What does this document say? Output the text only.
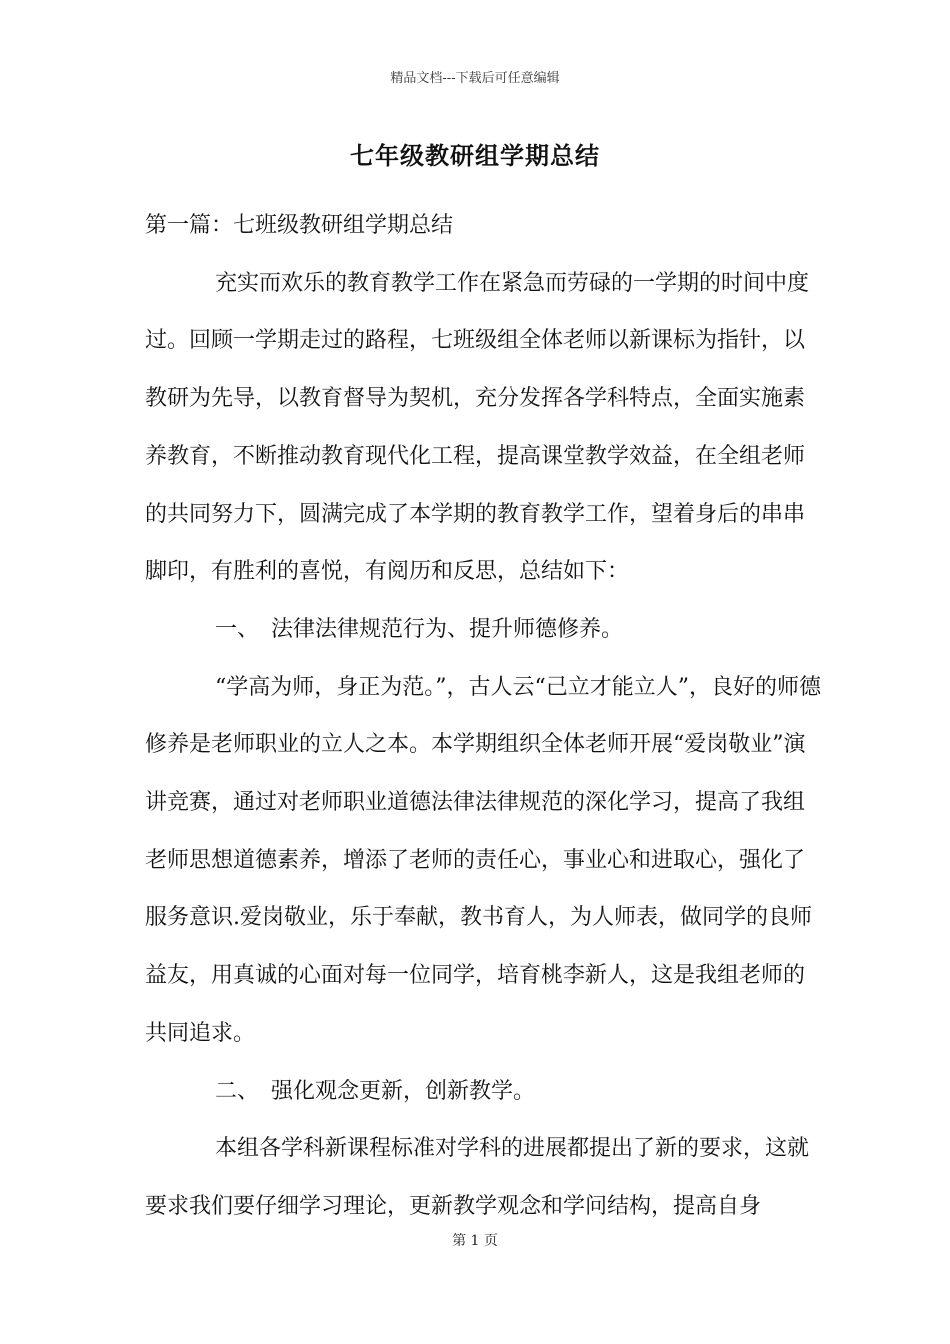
精品文档---下载后可任意编辑
七年级教研组学期总结

第一篇：七班级教研组学期总结

充实而欢乐的教育教学工作在紧急而劳碌的一学期的时间中度过。回顾一学期走过的路程，七班级组全体老师以新课标为指针，以教研为先导，以教育督导为契机，充分发挥各学科特点，全面实施素养教育，不断推动教育现代化工程，提高课堂教学效益，在全组老师的共同努力下，圆满完成了本学期的教育教学工作，望着身后的串串脚印，有胜利的喜悦，有阅历和反思，总结如下：

一、 法律法律规范行为、提升师德修养。

“学高为师，身正为范。”，古人云“己立才能立人”，良好的师德修养是老师职业的立人之本。本学期组织全体老师开展“爱岗敬业”演讲竞赛，通过对老师职业道德法律法律规范的深化学习，提高了我组老师思想道德素养，增添了老师的责任心，事业心和进取心，强化了服务意识.爱岗敬业，乐于奉献，教书育人，为人师表，做同学的良师益友，用真诚的心面对每一位同学，培育桃李新人，这是我组老师的共同追求。

二、 强化观念更新，创新教学。

本组各学科新课程标准对学科的进展都提出了新的要求，这就要求我们要仔细学习理论，更新教学观念和学问结构，提高自身

第 1 页
